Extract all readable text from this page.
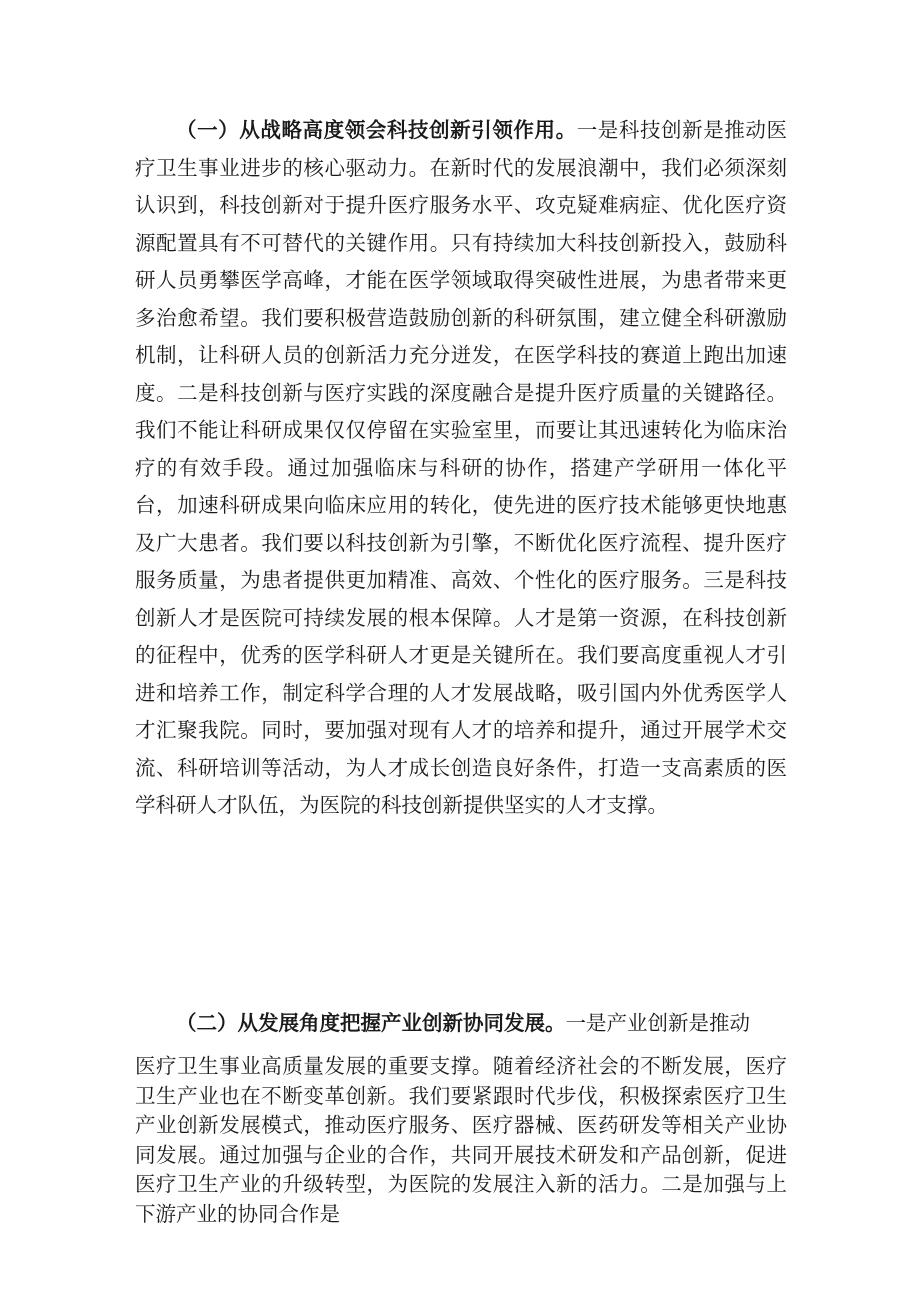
（一）从战略高度领会科技创新引领作用。一是科技创新是推动医疗卫生事业进步的核心驱动力。在新时代的发展浪潮中，我们必须深刻认识到，科技创新对于提升医疗服务水平、攻克疑难病症、优化医疗资源配置具有不可替代的关键作用。只有持续加大科技创新投入，鼓励科研人员勇攀医学高峰，才能在医学领域取得突破性进展，为患者带来更多治愈希望。我们要积极营造鼓励创新的科研氛围，建立健全科研激励机制，让科研人员的创新活力充分迸发，在医学科技的赛道上跑出加速度。二是科技创新与医疗实践的深度融合是提升医疗质量的关键路径。我们不能让科研成果仅仅停留在实验室里，而要让其迅速转化为临床治疗的有效手段。通过加强临床与科研的协作，搭建产学研用一体化平台，加速科研成果向临床应用的转化，使先进的医疗技术能够更快地惠及广大患者。我们要以科技创新为引擎，不断优化医疗流程、提升医疗服务质量，为患者提供更加精准、高效、个性化的医疗服务。三是科技创新人才是医院可持续发展的根本保障。人才是第一资源，在科技创新的征程中，优秀的医学科研人才更是关键所在。我们要高度重视人才引进和培养工作，制定科学合理的人才发展战略，吸引国内外优秀医学人才汇聚我院。同时，要加强对现有人才的培养和提升，通过开展学术交流、科研培训等活动，为人才成长创造良好条件，打造一支高素质的医学科研人才队伍，为医院的科技创新提供坚实的人才支撑。

（二）从发展角度把握产业创新协同发展。一是产业创新是推动

医疗卫生事业高质量发展的重要支撑。随着经济社会的不断发展，医疗卫生产业也在不断变革创新。我们要紧跟时代步伐，积极探索医疗卫生产业创新发展模式，推动医疗服务、医疗器械、医药研发等相关产业协同发展。通过加强与企业的合作，共同开展技术研发和产品创新，促进医疗卫生产业的升级转型，为医院的发展注入新的活力。二是加强与上下游产业的协同合作是
